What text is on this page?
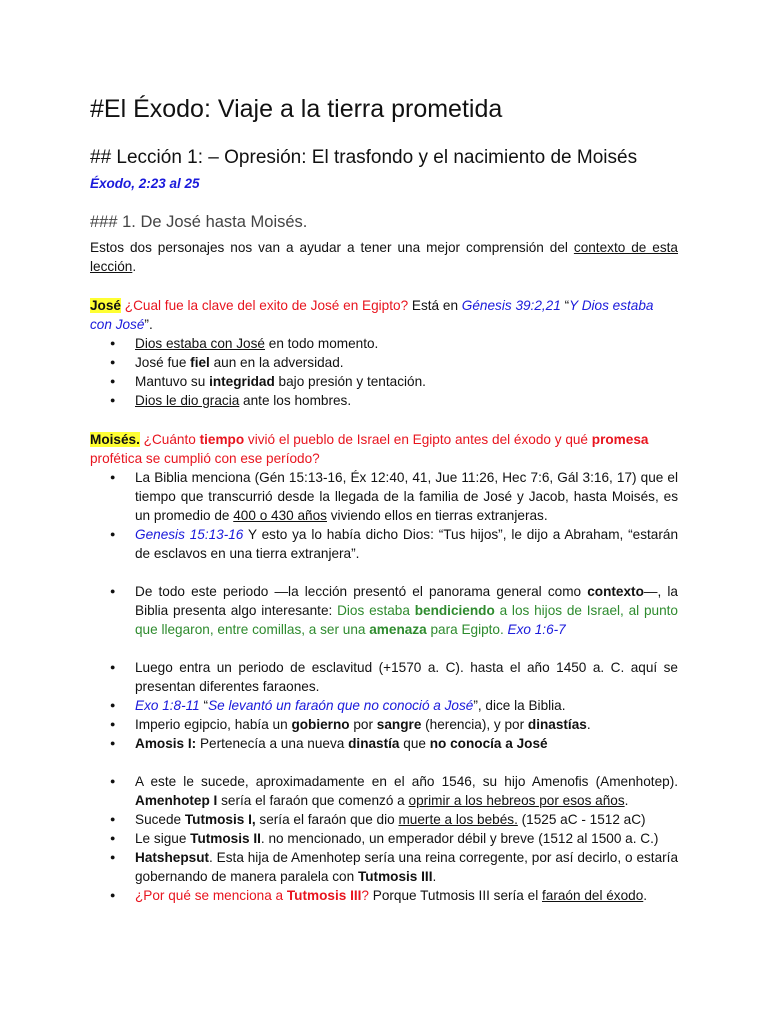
#El Éxodo: Viaje a la tierra prometida
## Lección 1: – Opresión: El trasfondo y el nacimiento de Moisés
Éxodo, 2:23 al 25
### 1. De José hasta Moisés.

Estos dos personajes nos van a ayudar a tener una mejor comprensión del contexto de esta lección.

José ¿Cual fue la clave del exito de José en Egipto? Está en Génesis 39:2,21 “Y Dios estaba con José”.

● Dios estaba con José en todo momento.
● José fue fiel aun en la adversidad.
● Mantuvo su integridad bajo presión y tentación.
● Dios le dio gracia ante los hombres.

Moisés. ¿Cuánto tiempo vivió el pueblo de Israel en Egipto antes del éxodo y qué promesa profética se cumplió con ese período?

● La Biblia menciona (Gén 15:13-16, Éx 12:40, 41, Jue 11:26, Hec 7:6, Gál 3:16, 17) que el tiempo que transcurrió desde la llegada de la familia de José y Jacob, hasta Moisés, es un promedio de 400 o 430 años viviendo ellos en tierras extranjeras.
● Genesis 15:13-16 Y esto ya lo había dicho Dios: “Tus hijos”, le dijo a Abraham, “estarán de esclavos en una tierra extranjera”.
● De todo este periodo —la lección presentó el panorama general como contexto—, la Biblia presenta algo interesante: Dios estaba bendiciendo a los hijos de Israel, al punto que llegaron, entre comillas, a ser una amenaza para Egipto. Exo 1:6-7
● Luego entra un periodo de esclavitud (+1570 a. C). hasta el año 1450 a. C. aquí se presentan diferentes faraones.
● Exo 1:8-11 “Se levantó un faraón que no conoció a José”, dice la Biblia.
● Imperio egipcio, había un gobierno por sangre (herencia), y por dinastías.
● Amosis I: Pertenecía a una nueva dinastía que no conocía a José
● A este le sucede, aproximadamente en el año 1546, su hijo Amenofis (Amenhotep). Amenhotep I sería el faraón que comenzó a oprimir a los hebreos por esos años.
● Sucede Tutmosis I, sería el faraón que dio muerte a los bebés. (1525 aC - 1512 aC)
● Le sigue Tutmosis II. no mencionado, un emperador débil y breve (1512 al 1500 a. C.)
● Hatshepsut. Esta hija de Amenhotep sería una reina corregente, por así decirlo, o estaría gobernando de manera paralela con Tutmosis III.
● ¿Por qué se menciona a Tutmosis III? Porque Tutmosis III sería el faraón del éxodo.
